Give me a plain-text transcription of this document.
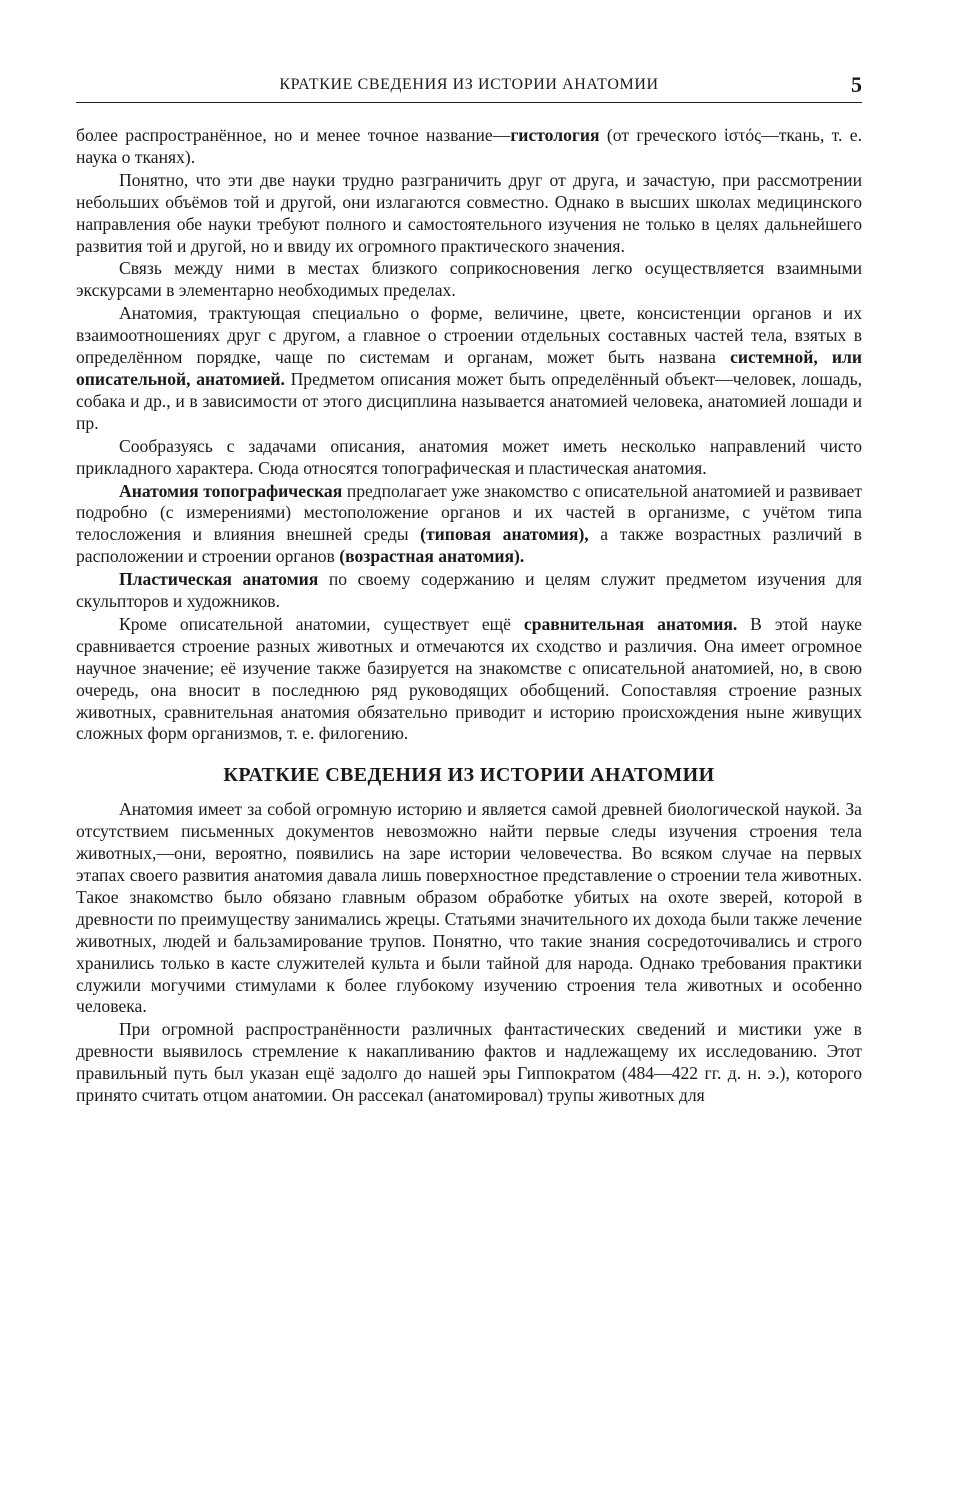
КРАТКИЕ СВЕДЕНИЯ ИЗ ИСТОРИИ АНАТОМИИ	5

более распространённое, но и менее точное название—гистология (от греческого ἱστός—ткань, т. е. наука о тканях).

Понятно, что эти две науки трудно разграничить друг от друга, и зачастую, при рассмотрении небольших объёмов той и другой, они излагаются совместно. Однако в высших школах медицинского направления обе науки требуют полного и самостоятельного изучения не только в целях дальнейшего развития той и другой, но и ввиду их огромного практического значения.

Связь между ними в местах близкого соприкосновения легко осуществляется взаимными экскурсами в элементарно необходимых пределах.

Анатомия, трактующая специально о форме, величине, цвете, консистенции органов и их взаимоотношениях друг с другом, а главное о строении отдельных составных частей тела, взятых в определённом порядке, чаще по системам и органам, может быть названа системной, или описательной, анатомией. Предметом описания может быть определённый объект—человек, лошадь, собака и др., и в зависимости от этого дисциплина называется анатомией человека, анатомией лошади и пр.

Сообразуясь с задачами описания, анатомия может иметь несколько направлений чисто прикладного характера. Сюда относятся топографическая и пластическая анатомия.

Анатомия топографическая предполагает уже знакомство с описательной анатомией и развивает подробно (с измерениями) местоположение органов и их частей в организме, с учётом типа телосложения и влияния внешней среды (типовая анатомия), а также возрастных различий в расположении и строении органов (возрастная анатомия).

Пластическая анатомия по своему содержанию и целям служит предметом изучения для скульпторов и художников.

Кроме описательной анатомии, существует ещё сравнительная анатомия. В этой науке сравнивается строение разных животных и отмечаются их сходство и различия. Она имеет огромное научное значение; её изучение также базируется на знакомстве с описательной анатомией, но, в свою очередь, она вносит в последнюю ряд руководящих обобщений. Сопоставляя строение разных животных, сравнительная анатомия обязательно приводит и историю происхождения ныне живущих сложных форм организмов, т. е. филогению.

КРАТКИЕ СВЕДЕНИЯ ИЗ ИСТОРИИ АНАТОМИИ

Анатомия имеет за собой огромную историю и является самой древней биологической наукой. За отсутствием письменных документов невозможно найти первые следы изучения строения тела животных,—они, вероятно, появились на заре истории человечества. Во всяком случае на первых этапах своего развития анатомия давала лишь поверхностное представление о строении тела животных. Такое знакомство было обязано главным образом обработке убитых на охоте зверей, которой в древности по преимуществу занимались жрецы. Статьями значительного их дохода были также лечение животных, людей и бальзамирование трупов. Понятно, что такие знания сосредоточивались и строго хранились только в касте служителей культа и были тайной для народа. Однако требования практики служили могучими стимулами к более глубокому изучению строения тела животных и особенно человека.

При огромной распространённости различных фантастических сведений и мистики уже в древности выявилось стремление к накапливанию фактов и надлежащему их исследованию. Этот правильный путь был указан ещё задолго до нашей эры Гиппократом (484—422 гг. д. н. э.), которого принято считать отцом анатомии. Он рассекал (анатомировал) трупы животных для
